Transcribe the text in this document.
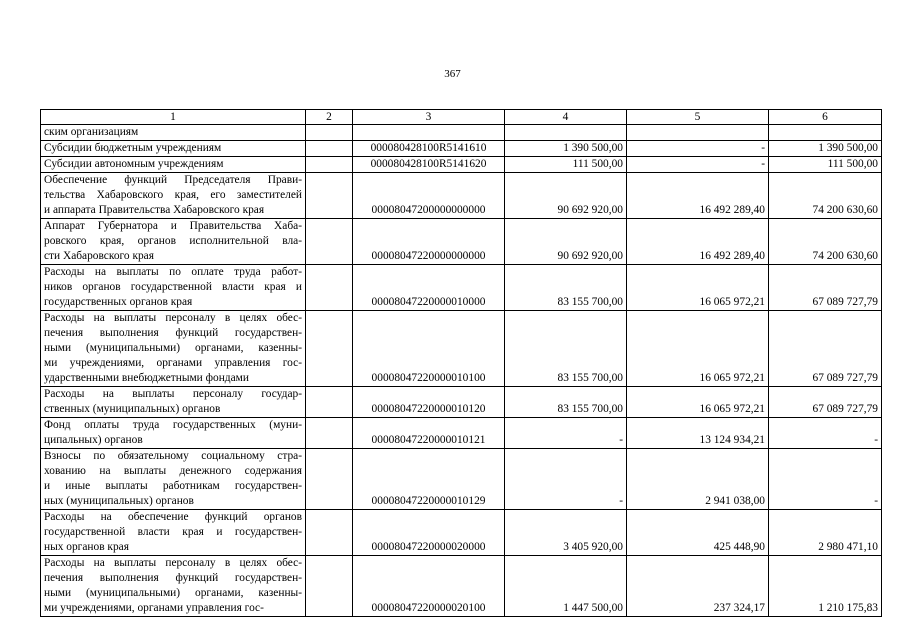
367
1	2	3	4	5	6

ским организациям					

Субсидии бюджетным учреждениям		000080428100R5141610	1 390 500,00	-	1 390 500,00

Субсидии автономным учреждениям		000080428100R5141620	111 500,00	-	111 500,00

Обеспечение функций Председателя Прави-
тельства Хабаровского края, его заместителей
и аппарата Правительства Хабаровского края		00008047200000000000	90 692 920,00	16 492 289,40	74 200 630,60

Аппарат Губернатора и Правительства Хаба-
ровского края, органов исполнительной вла-
сти Хабаровского края		00008047220000000000	90 692 920,00	16 492 289,40	74 200 630,60

Расходы на выплаты по оплате труда работ-
ников органов государственной власти края и
государственных органов края		00008047220000010000	83 155 700,00	16 065 972,21	67 089 727,79

Расходы на выплаты персоналу в целях обес-
печения выполнения функций государствен-
ными (муниципальными) органами, казенны-
ми учреждениями, органами управления гос-
ударственными внебюджетными фондами		00008047220000010100	83 155 700,00	16 065 972,21	67 089 727,79

Расходы на выплаты персоналу государ-
ственных (муниципальных) органов		00008047220000010120	83 155 700,00	16 065 972,21	67 089 727,79

Фонд оплаты труда государственных (муни-
ципальных) органов		00008047220000010121	-	13 124 934,21	-

Взносы по обязательному социальному стра-
хованию на выплаты денежного содержания
и иные выплаты работникам государствен-
ных (муниципальных) органов		00008047220000010129	-	2 941 038,00	-

Расходы на обеспечение функций органов
государственной власти края и государствен-
ных органов края		00008047220000020000	3 405 920,00	425 448,90	2 980 471,10

Расходы на выплаты персоналу в целях обес-
печения выполнения функций государствен-
ными (муниципальными) органами, казенны-
ми учреждениями, органами управления гос-		00008047220000020100	1 447 500,00	237 324,17	1 210 175,83
